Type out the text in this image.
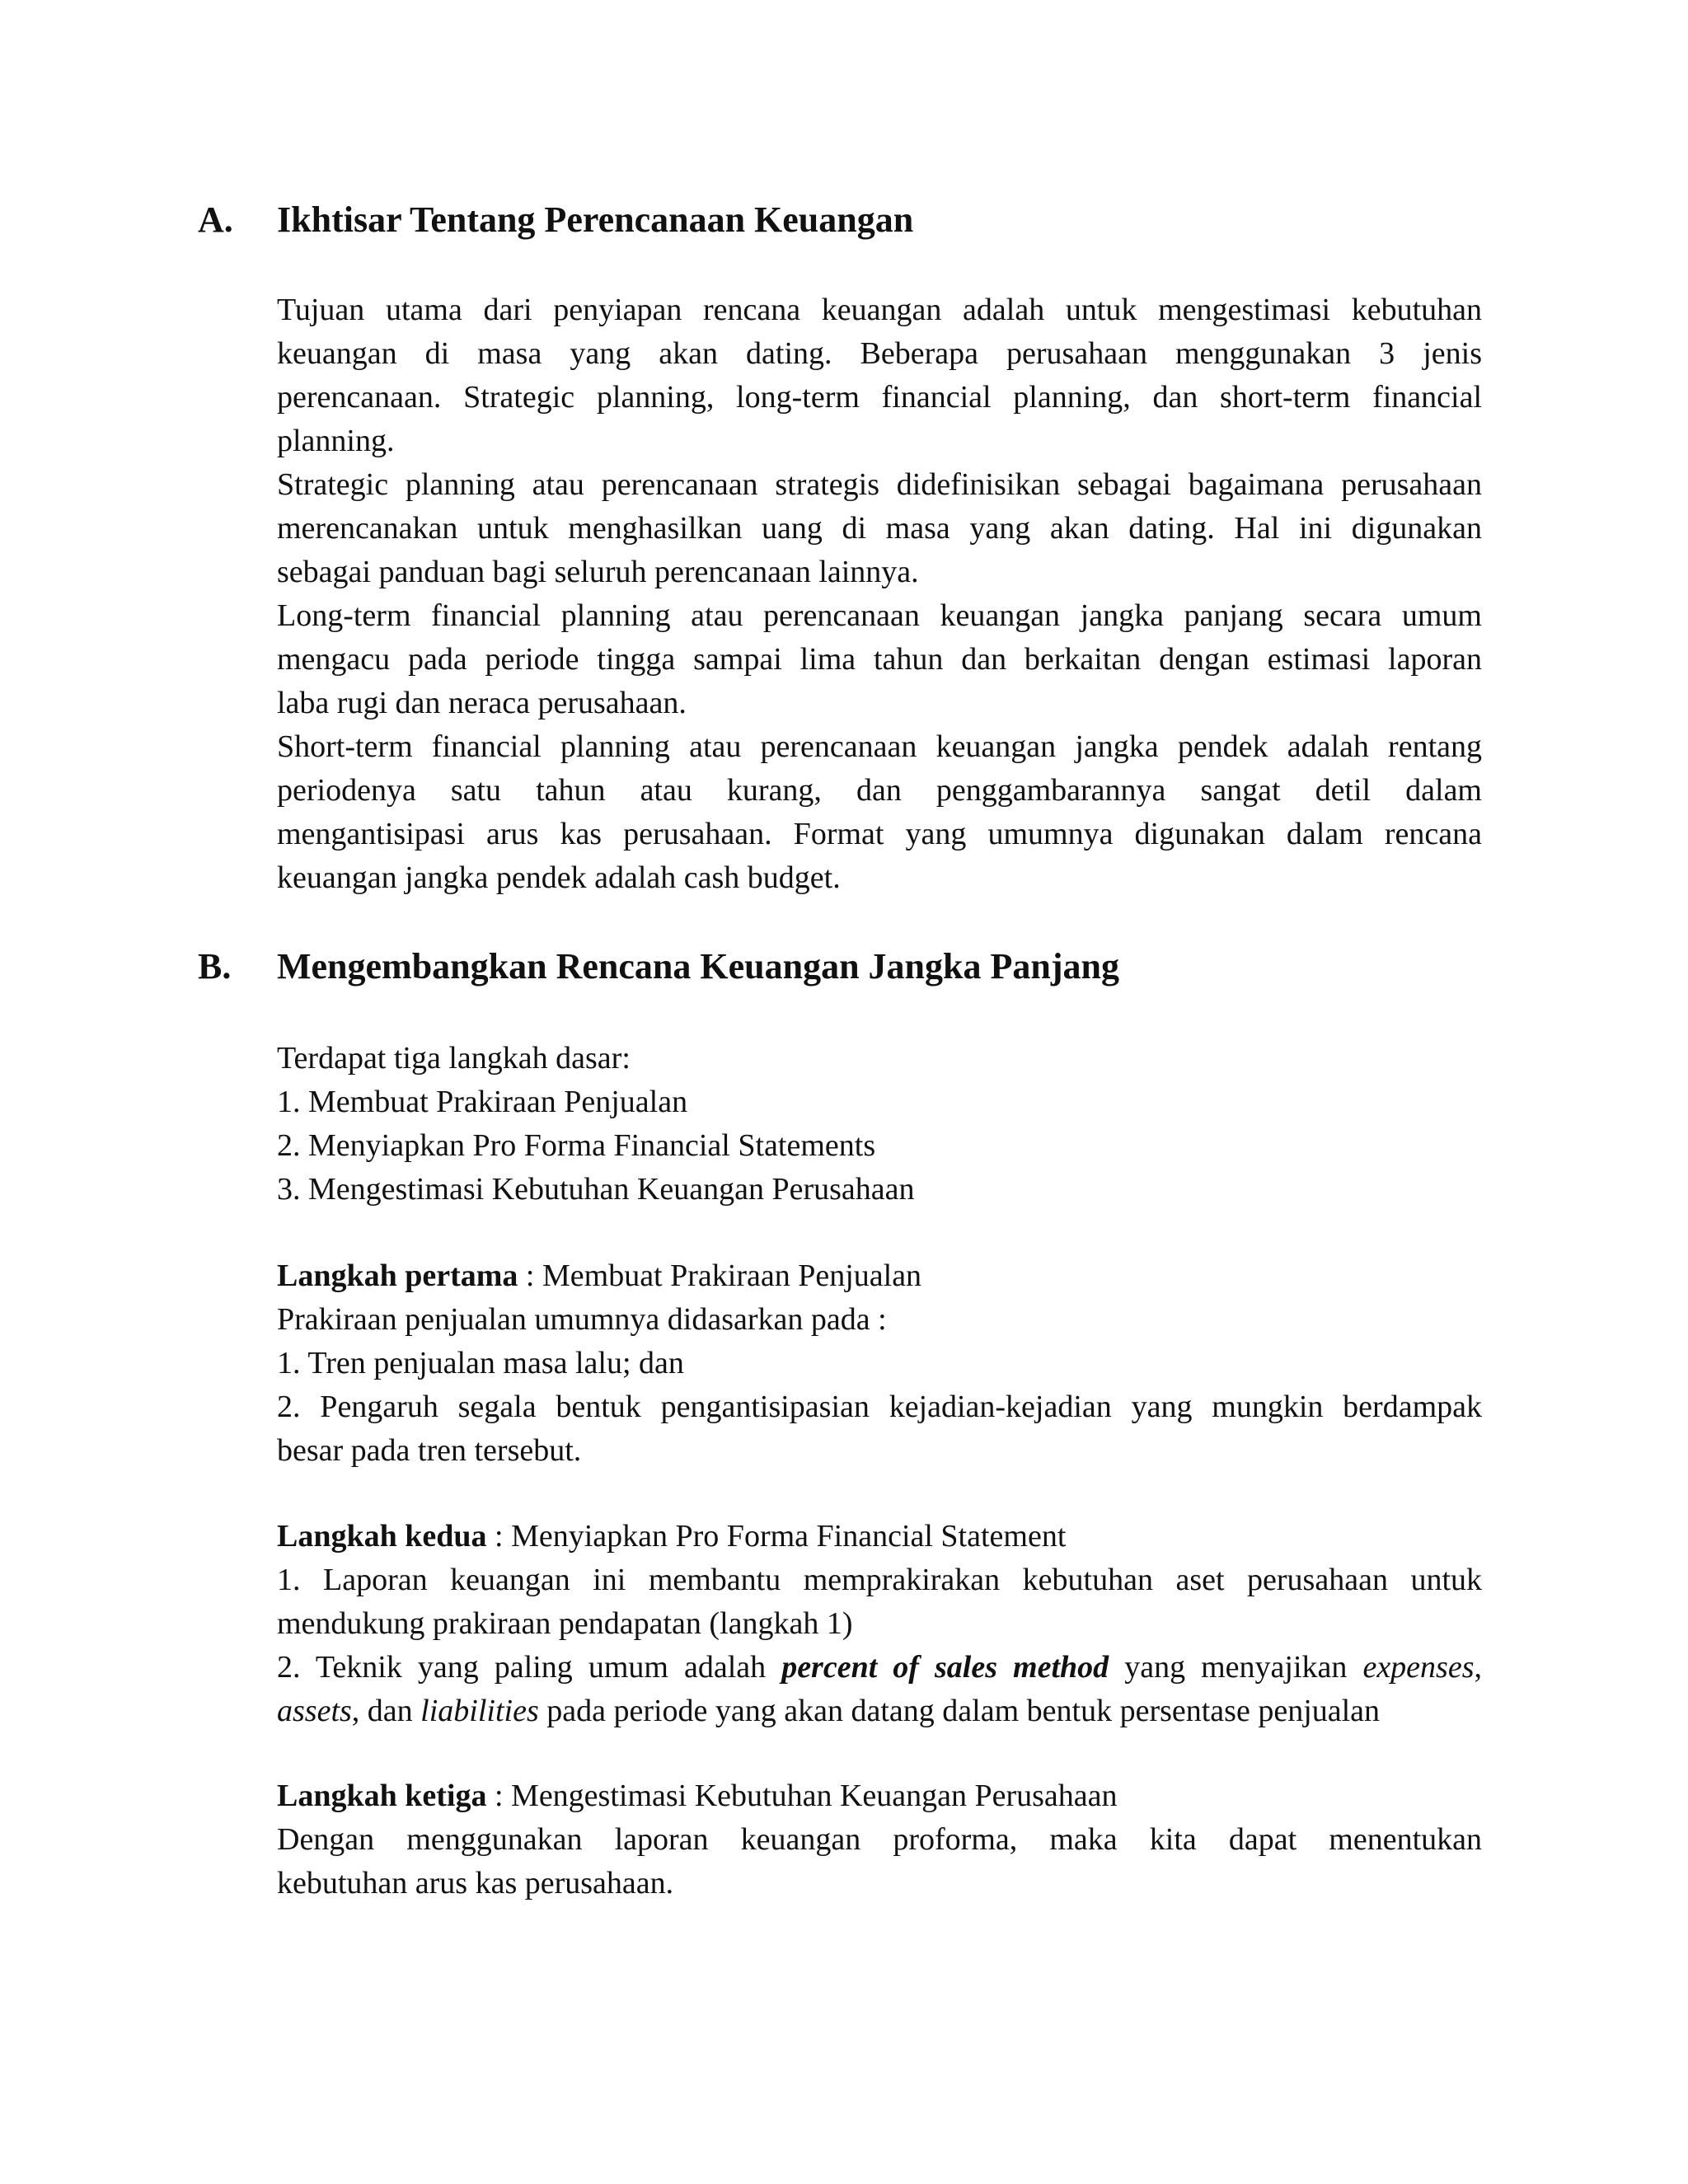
A. Ikhtisar Tentang Perencanaan Keuangan
Tujuan utama dari penyiapan rencana keuangan adalah untuk mengestimasi kebutuhan
keuangan di masa yang akan dating. Beberapa perusahaan menggunakan 3 jenis
perencanaan. Strategic planning, long-term financial planning, dan short-term financial
planning.
Strategic planning atau perencanaan strategis didefinisikan sebagai bagaimana perusahaan
merencanakan untuk menghasilkan uang di masa yang akan dating. Hal ini digunakan
sebagai panduan bagi seluruh perencanaan lainnya.
Long-term financial planning atau perencanaan keuangan jangka panjang secara umum
mengacu pada periode tingga sampai lima tahun dan berkaitan dengan estimasi laporan
laba rugi dan neraca perusahaan.
Short-term financial planning atau perencanaan keuangan jangka pendek adalah rentang
periodenya satu tahun atau kurang, dan penggambarannya sangat detil dalam
mengantisipasi arus kas perusahaan. Format yang umumnya digunakan dalam rencana
keuangan jangka pendek adalah cash budget.
B. Mengembangkan Rencana Keuangan Jangka Panjang
Terdapat tiga langkah dasar:
1. Membuat Prakiraan Penjualan
2. Menyiapkan Pro Forma Financial Statements
3. Mengestimasi Kebutuhan Keuangan Perusahaan
Langkah pertama : Membuat Prakiraan Penjualan
Prakiraan penjualan umumnya didasarkan pada :
1. Tren penjualan masa lalu; dan
2. Pengaruh segala bentuk pengantisipasian kejadian-kejadian yang mungkin berdampak
besar pada tren tersebut.
Langkah kedua : Menyiapkan Pro Forma Financial Statement
1. Laporan keuangan ini membantu memprakirakan kebutuhan aset perusahaan untuk
mendukung prakiraan pendapatan (langkah 1)
2. Teknik yang paling umum adalah percent of sales method yang menyajikan expenses,
assets, dan liabilities pada periode yang akan datang dalam bentuk persentase penjualan
Langkah ketiga : Mengestimasi Kebutuhan Keuangan Perusahaan
Dengan menggunakan laporan keuangan proforma, maka kita dapat menentukan
kebutuhan arus kas perusahaan.
